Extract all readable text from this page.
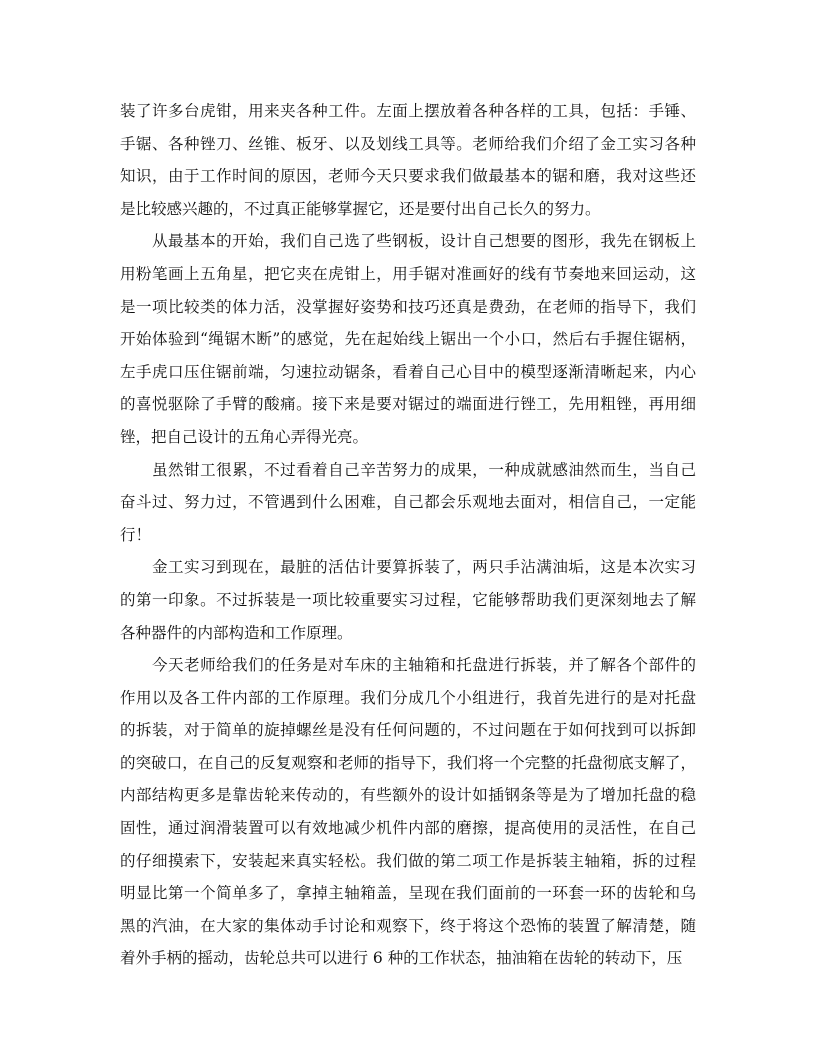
装了许多台虎钳，用来夹各种工件。左面上摆放着各种各样的工具，包括：手锤、
手锯、各种锉刀、丝锥、板牙、以及划线工具等。老师给我们介绍了金工实习各种
知识，由于工作时间的原因，老师今天只要求我们做最基本的锯和磨，我对这些还
是比较感兴趣的，不过真正能够掌握它，还是要付出自己长久的努力。
　　从最基本的开始，我们自己选了些钢板，设计自己想要的图形，我先在钢板上
用粉笔画上五角星，把它夹在虎钳上，用手锯对准画好的线有节奏地来回运动，这
是一项比较类的体力活，没掌握好姿势和技巧还真是费劲，在老师的指导下，我们
开始体验到“绳锯木断”的感觉，先在起始线上锯出一个小口，然后右手握住锯柄，
左手虎口压住锯前端，匀速拉动锯条，看着自己心目中的模型逐渐清晰起来，内心
的喜悦驱除了手臂的酸痛。接下来是要对锯过的端面进行锉工，先用粗锉，再用细
锉，把自己设计的五角心弄得光亮。
　　虽然钳工很累，不过看着自己辛苦努力的成果，一种成就感油然而生，当自己
奋斗过、努力过，不管遇到什么困难，自己都会乐观地去面对，相信自己，一定能
行！
　　金工实习到现在，最脏的活估计要算拆装了，两只手沾满油垢，这是本次实习
的第一印象。不过拆装是一项比较重要实习过程，它能够帮助我们更深刻地去了解
各种器件的内部构造和工作原理。
　　今天老师给我们的任务是对车床的主轴箱和托盘进行拆装，并了解各个部件的
作用以及各工件内部的工作原理。我们分成几个小组进行，我首先进行的是对托盘
的拆装，对于简单的旋掉螺丝是没有任何问题的，不过问题在于如何找到可以拆卸
的突破口，在自己的反复观察和老师的指导下，我们将一个完整的托盘彻底支解了，
内部结构更多是靠齿轮来传动的，有些额外的设计如插钢条等是为了增加托盘的稳
固性，通过润滑装置可以有效地减少机件内部的磨擦，提高使用的灵活性，在自己
的仔细摸索下，安装起来真实轻松。我们做的第二项工作是拆装主轴箱，拆的过程
明显比第一个简单多了，拿掉主轴箱盖，呈现在我们面前的一环套一环的齿轮和乌
黑的汽油，在大家的集体动手讨论和观察下，终于将这个恐怖的装置了解清楚，随
着外手柄的摇动，齿轮总共可以进行 6 种的工作状态，抽油箱在齿轮的转动下，压
